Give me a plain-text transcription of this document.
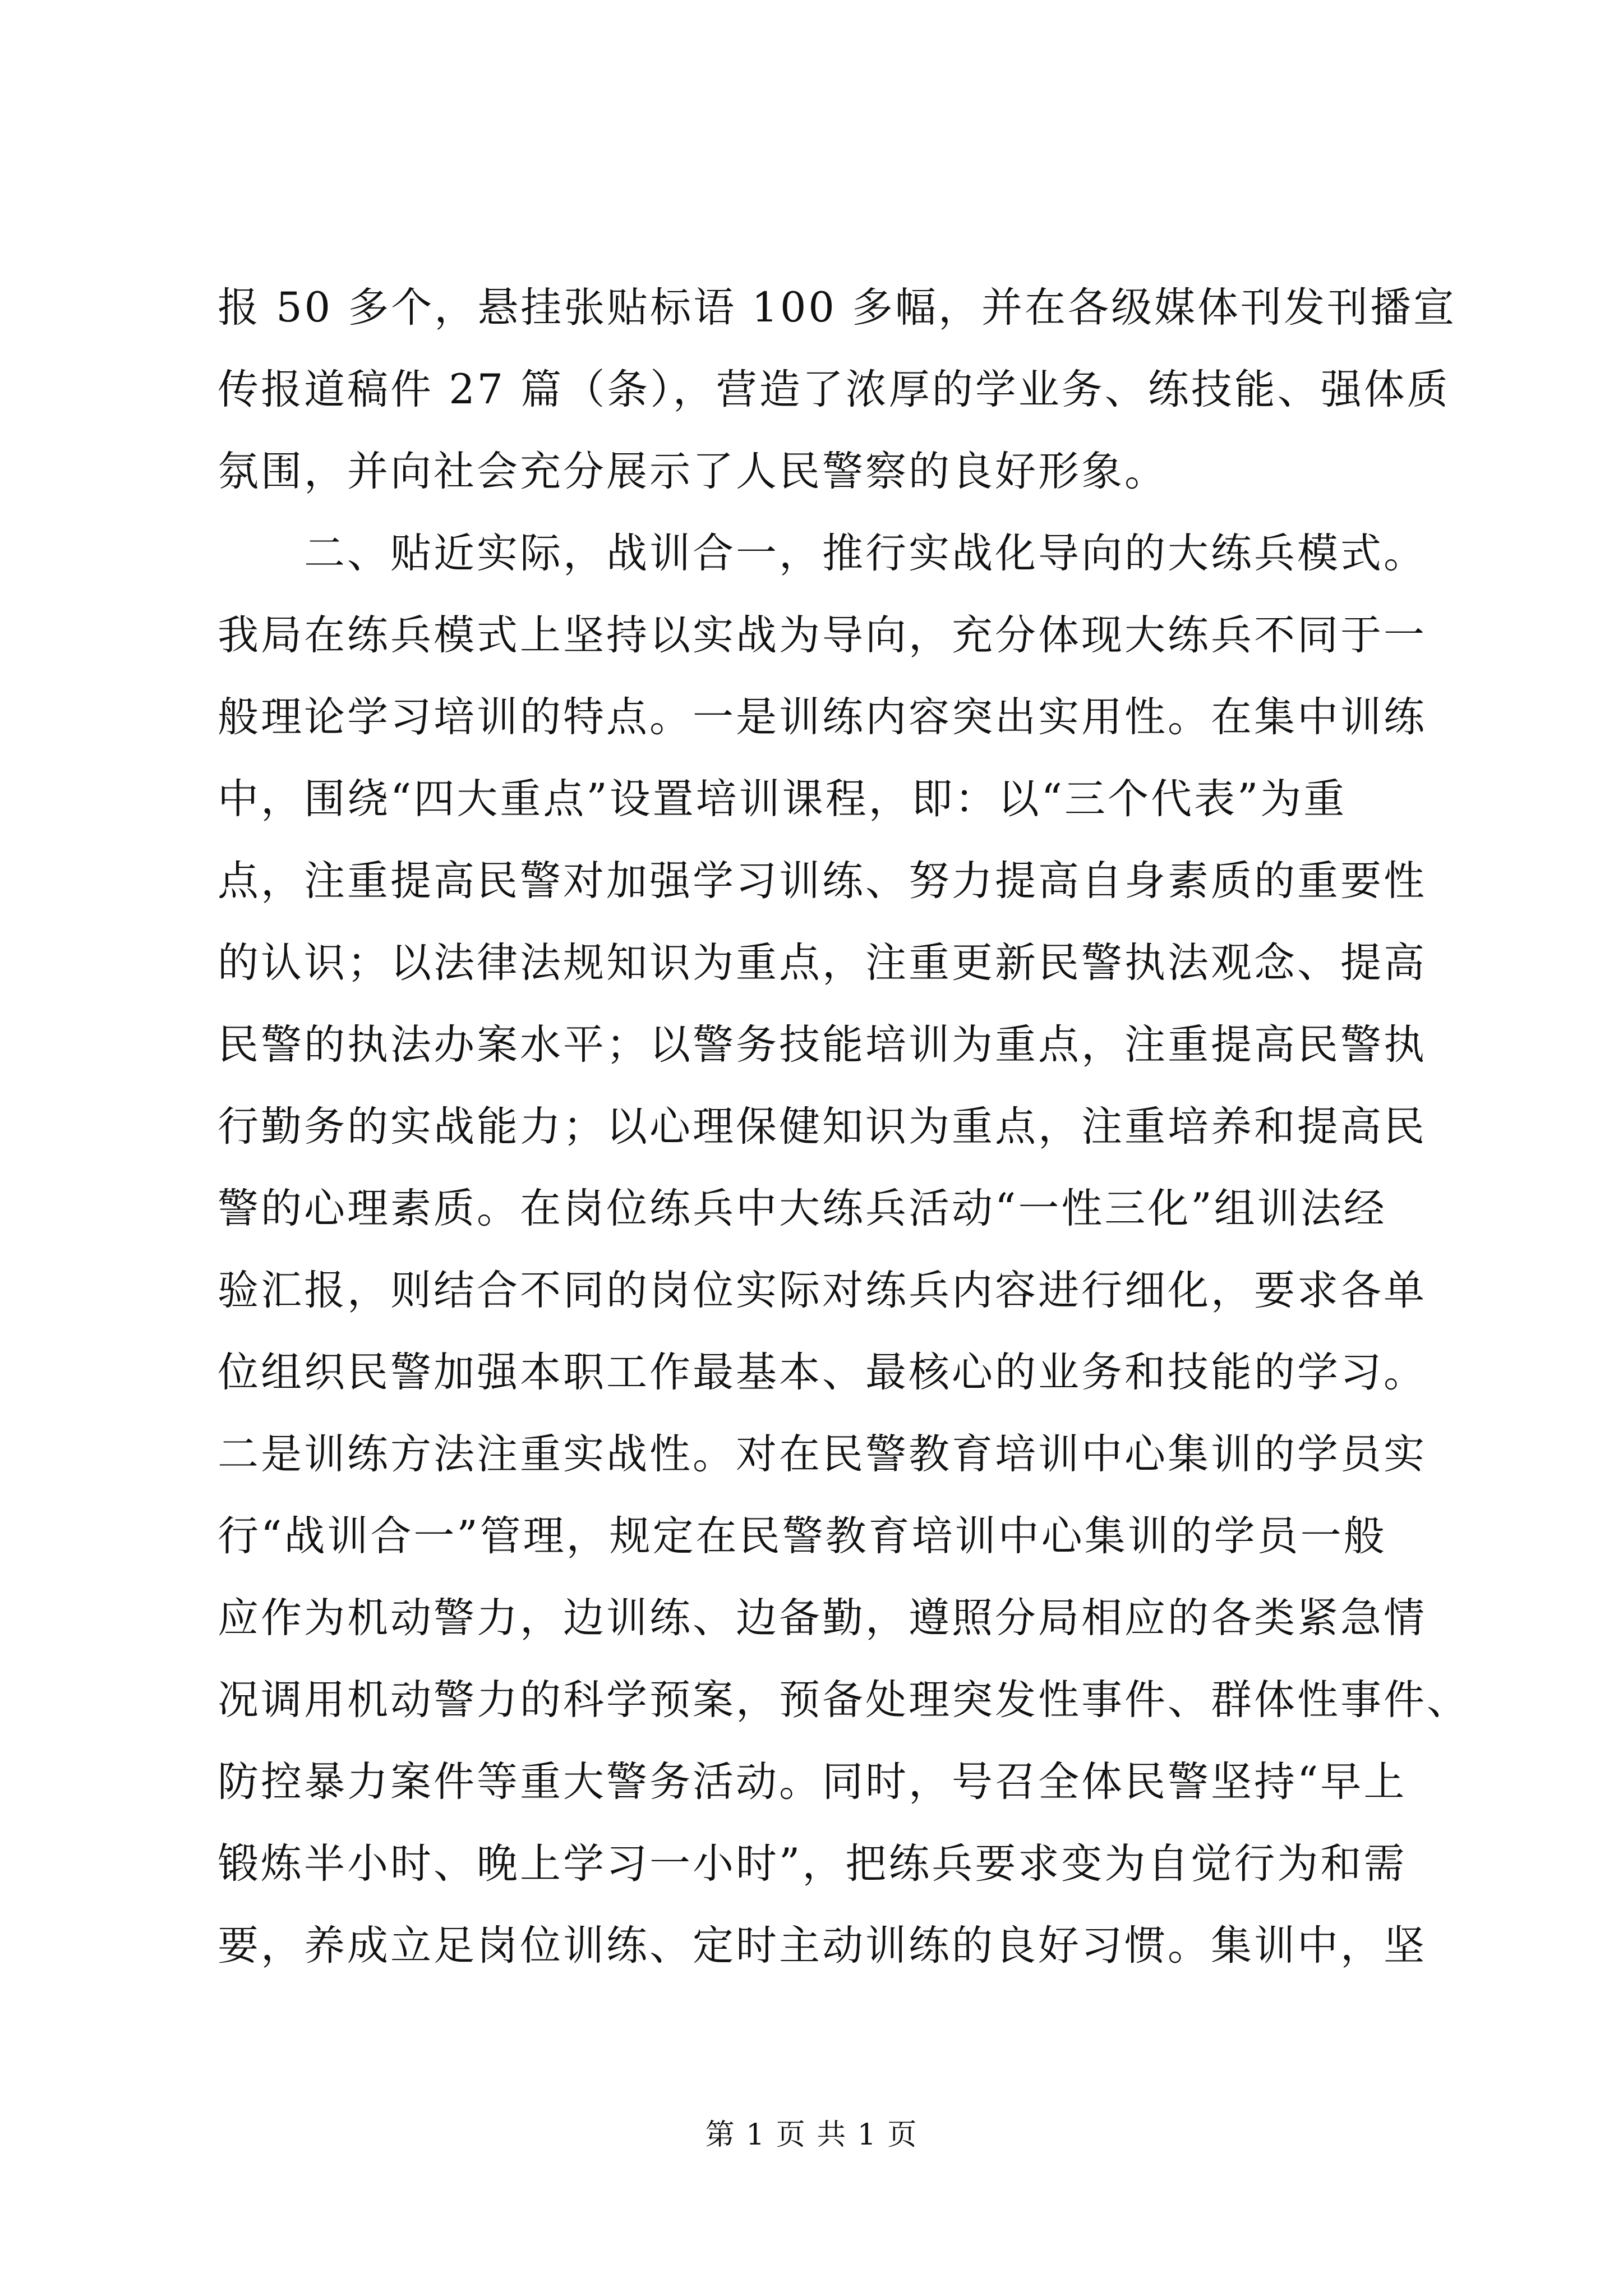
报 50 多个，悬挂张贴标语 100 多幅，并在各级媒体刊发刊播宣
传报道稿件 27 篇（条），营造了浓厚的学业务、练技能、强体质
氛围，并向社会充分展示了人民警察的良好形象。
　　二、贴近实际，战训合一，推行实战化导向的大练兵模式。
我局在练兵模式上坚持以实战为导向，充分体现大练兵不同于一
般理论学习培训的特点。一是训练内容突出实用性。在集中训练
中，围绕“四大重点”设置培训课程，即：以“三个代表”为重
点，注重提高民警对加强学习训练、努力提高自身素质的重要性
的认识；以法律法规知识为重点，注重更新民警执法观念、提高
民警的执法办案水平；以警务技能培训为重点，注重提高民警执
行勤务的实战能力；以心理保健知识为重点，注重培养和提高民
警的心理素质。在岗位练兵中大练兵活动“一性三化”组训法经
验汇报，则结合不同的岗位实际对练兵内容进行细化，要求各单
位组织民警加强本职工作最基本、最核心的业务和技能的学习。
二是训练方法注重实战性。对在民警教育培训中心集训的学员实
行“战训合一”管理，规定在民警教育培训中心集训的学员一般
应作为机动警力，边训练、边备勤，遵照分局相应的各类紧急情
况调用机动警力的科学预案，预备处理突发性事件、群体性事件、
防控暴力案件等重大警务活动。同时，号召全体民警坚持“早上
锻炼半小时、晚上学习一小时”，把练兵要求变为自觉行为和需
要，养成立足岗位训练、定时主动训练的良好习惯。集训中，坚
第 1 页 共 1 页
